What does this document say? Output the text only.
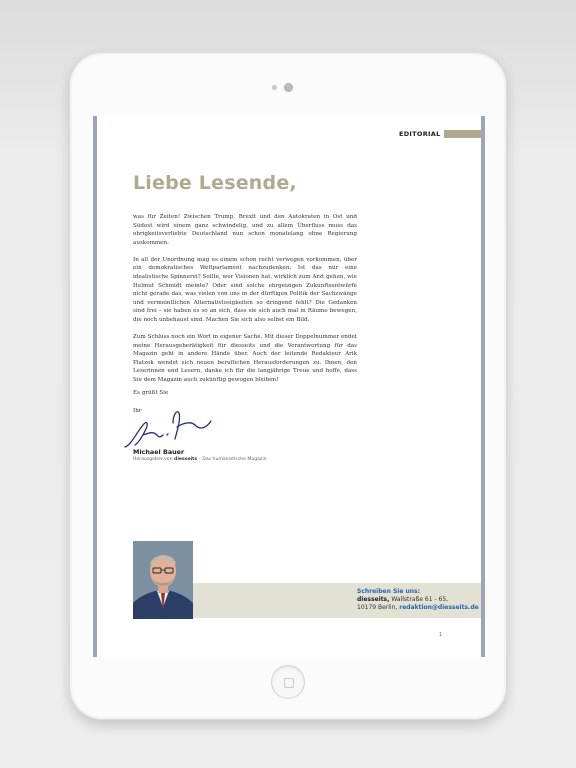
EDITORIAL
Liebe Lesende,

was für Zeiten! Zwischen Trump, Brexit und den Autokraten in Ost und Südost wird einem ganz schwindelig, und zu allem Überfluss muss das obrigkeitsverliebte Deutschland nun schon monatelang ohne Regierung auskommen.

In all der Unordnung mag es einem schon recht verwegen vorkommen, über ein demokratisches Weltparlament nachzudenken. Ist das nur eine idealistische Spinnerei? Sollte, wer Visionen hat, wirklich zum Arzt gehen, wie Helmut Schmidt meinte? Oder sind solche ehrgeizigen Zukunftsentwürfe nicht gerade das, was vielen von uns in der dürftigen Politik der Sachzwänge und vermeintlichen Alternativlosigkeiten so dringend fehlt? Die Gedanken sind frei – sie haben es so an sich, dass sie sich auch mal in Räume bewegen, die noch unbehaust sind. Machen Sie sich also selbst ein Bild.

Zum Schluss noch ein Wort in eigener Sache. Mit dieser Doppelnummer endet meine Herausgeberätigkeit für diesseits und die Verantwortung für das Magazin geht in andere Hände über. Auch der leitende Redakteur Arik Platzek wendet sich neuen beruflichen Herausforderungen zu. Ihnen, den Leserinnen und Lesern, danke ich für die langjährige Treue und hoffe, dass Sie dem Magazin auch zukünftig gewogen bleiben!

Es grüßt Sie
Ihr
Michael Bauer
Herausgeber von diesseits – Das humanistische Magazin
Schreiben Sie uns:
diesseits, Wallstraße 61 - 65,
10179 Berlin, redaktion@diesseits.de
1
